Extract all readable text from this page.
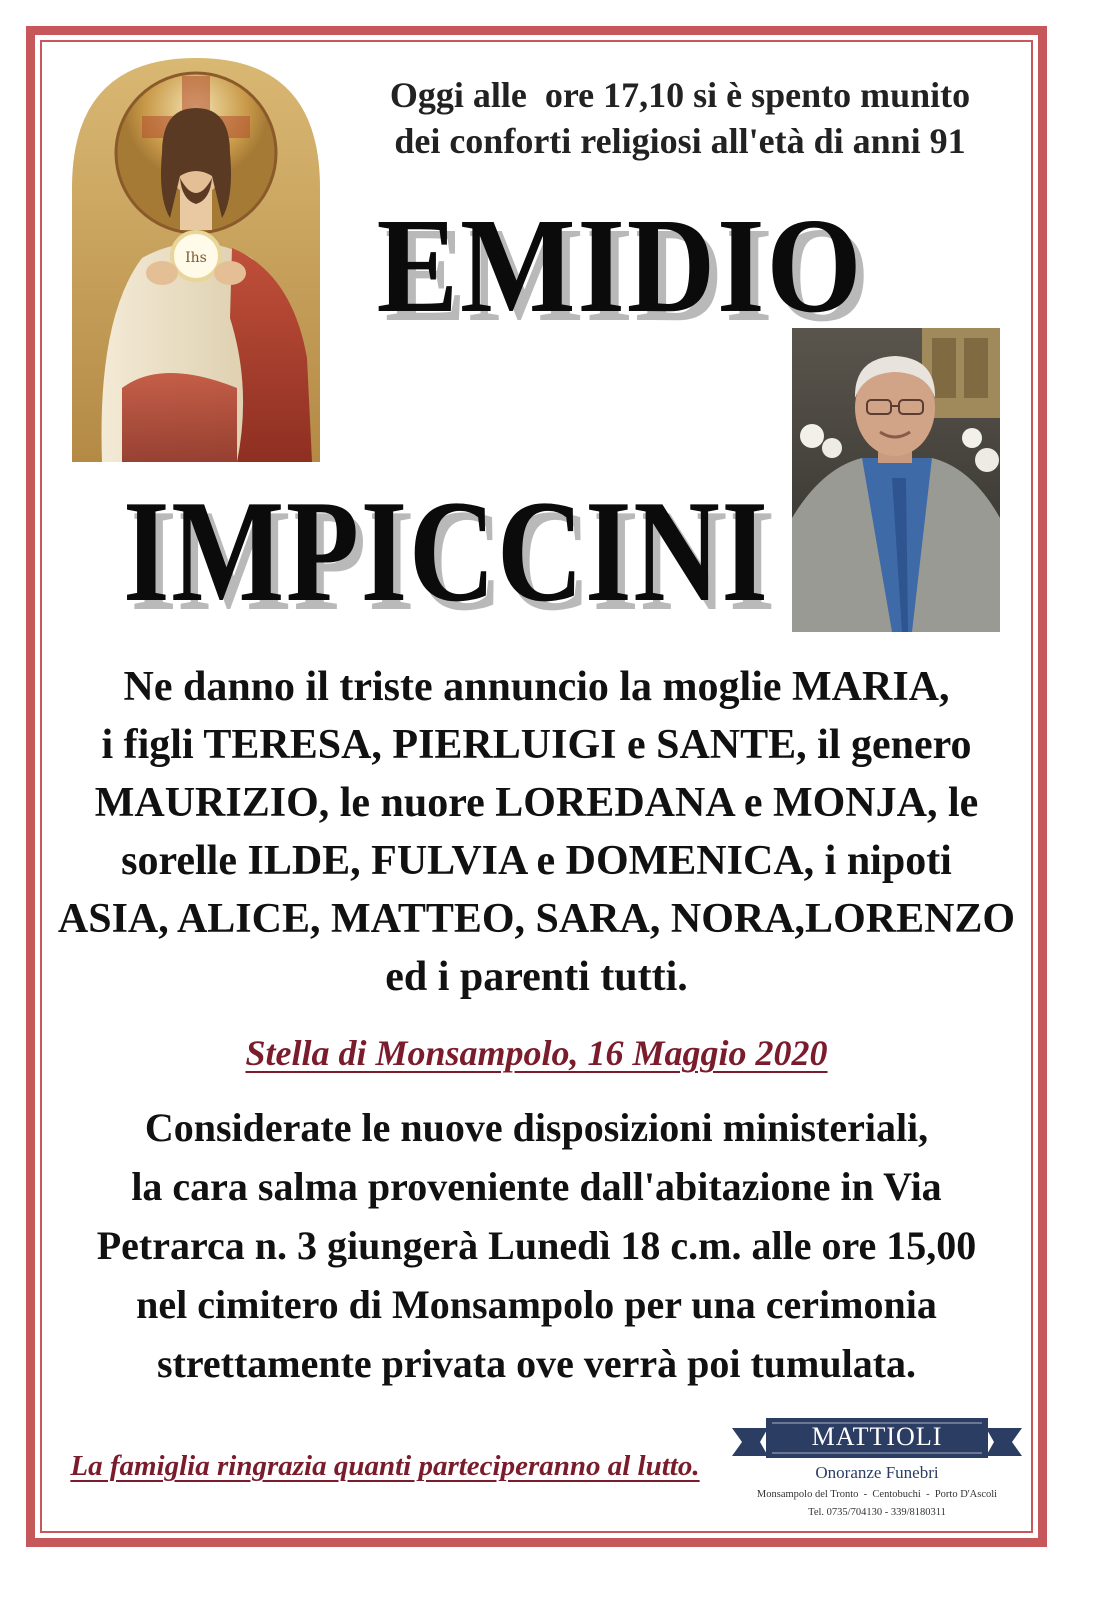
Ihs
Oggi alle  ore 17,10 si è spento munito
dei conforti religiosi all'età di anni 91
EMIDIO
IMPICCINI
Ne danno il triste annuncio la moglie MARIA,
i figli TERESA, PIERLUIGI e SANTE, il genero
MAURIZIO, le nuore LOREDANA e MONJA, le
sorelle ILDE, FULVIA e DOMENICA, i nipoti
ASIA, ALICE, MATTEO, SARA, NORA,LORENZO
ed i parenti tutti.
Stella di Monsampolo, 16 Maggio 2020
Considerate le nuove disposizioni ministeriali,
la cara salma proveniente dall'abitazione in Via
Petrarca n. 3 giungerà Lunedì 18 c.m. alle ore 15,00
nel cimitero di Monsampolo per una cerimonia
strettamente privata ove verrà poi tumulata.
La famiglia ringrazia quanti parteciperanno al lutto.
MATTIOLI
Onoranze Funebri
Monsampolo del Tronto  -  Centobuchi  -  Porto D'Ascoli
Tel. 0735/704130 - 339/8180311
